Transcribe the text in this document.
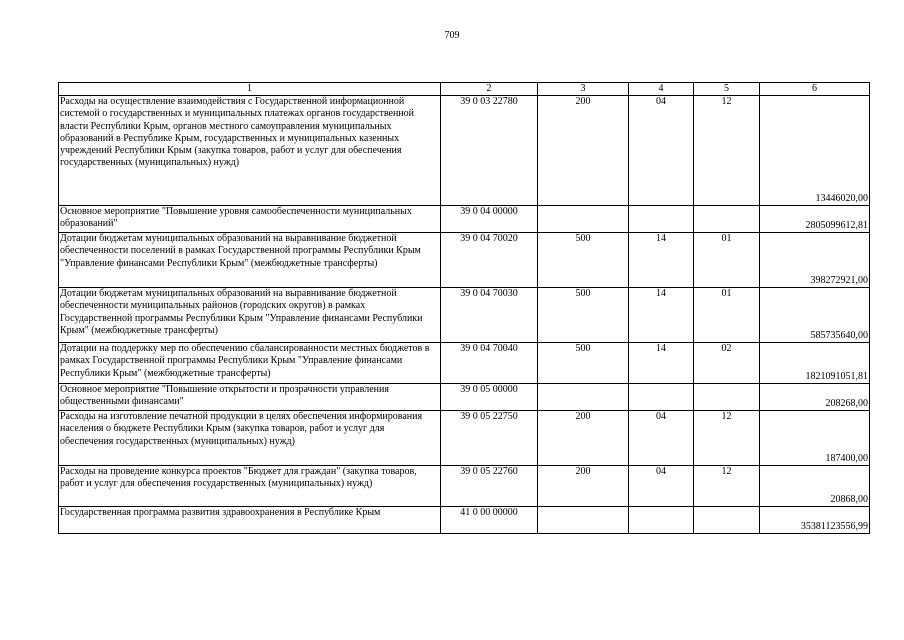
709
1	2	3	4	5	6
Расходы на осуществление взаимодействия с Государственной информационной системой о государственных и муниципальных платежах органов государственной власти Республики Крым, органов местного самоуправления муниципальных образований в Республике Крым, государственных и муниципальных казенных учреждений Республики Крым (закупка товаров, работ и услуг для обеспечения государственных (муниципальных) нужд)	39 0 03 22780	200	04	12	13446020,00
Основное мероприятие "Повышение уровня самообеспеченности муниципальных образований"	39 0 04 00000				2805099612,81
Дотации бюджетам муниципальных образований на выравнивание бюджетной обеспеченности поселений в рамках Государственной программы Республики Крым "Управление финансами Республики Крым" (межбюджетные трансферты)	39 0 04 70020	500	14	01	398272921,00
Дотации бюджетам муниципальных образований на выравнивание бюджетной обеспеченности муниципальных районов (городских округов) в рамках Государственной программы Республики Крым "Управление финансами Республики Крым" (межбюджетные трансферты)	39 0 04 70030	500	14	01	585735640,00
Дотации на поддержку мер по обеспечению сбалансированности местных бюджетов в рамках Государственной программы Республики Крым "Управление финансами Республики Крым" (межбюджетные трансферты)	39 0 04 70040	500	14	02	1821091051,81
Основное мероприятие "Повышение открытости и прозрачности управления общественными финансами"	39 0 05 00000				208268,00
Расходы на изготовление печатной продукции в целях обеспечения информирования населения о бюджете Республики Крым (закупка товаров, работ и услуг для обеспечения государственных (муниципальных) нужд)	39 0 05 22750	200	04	12	187400,00
Расходы на проведение конкурса проектов "Бюджет для граждан" (закупка товаров, работ и услуг для обеспечения государственных (муниципальных) нужд)	39 0 05 22760	200	04	12	20868,00
Государственная программа развития здравоохранения в Республике Крым	41 0 00 00000				35381123556,99
